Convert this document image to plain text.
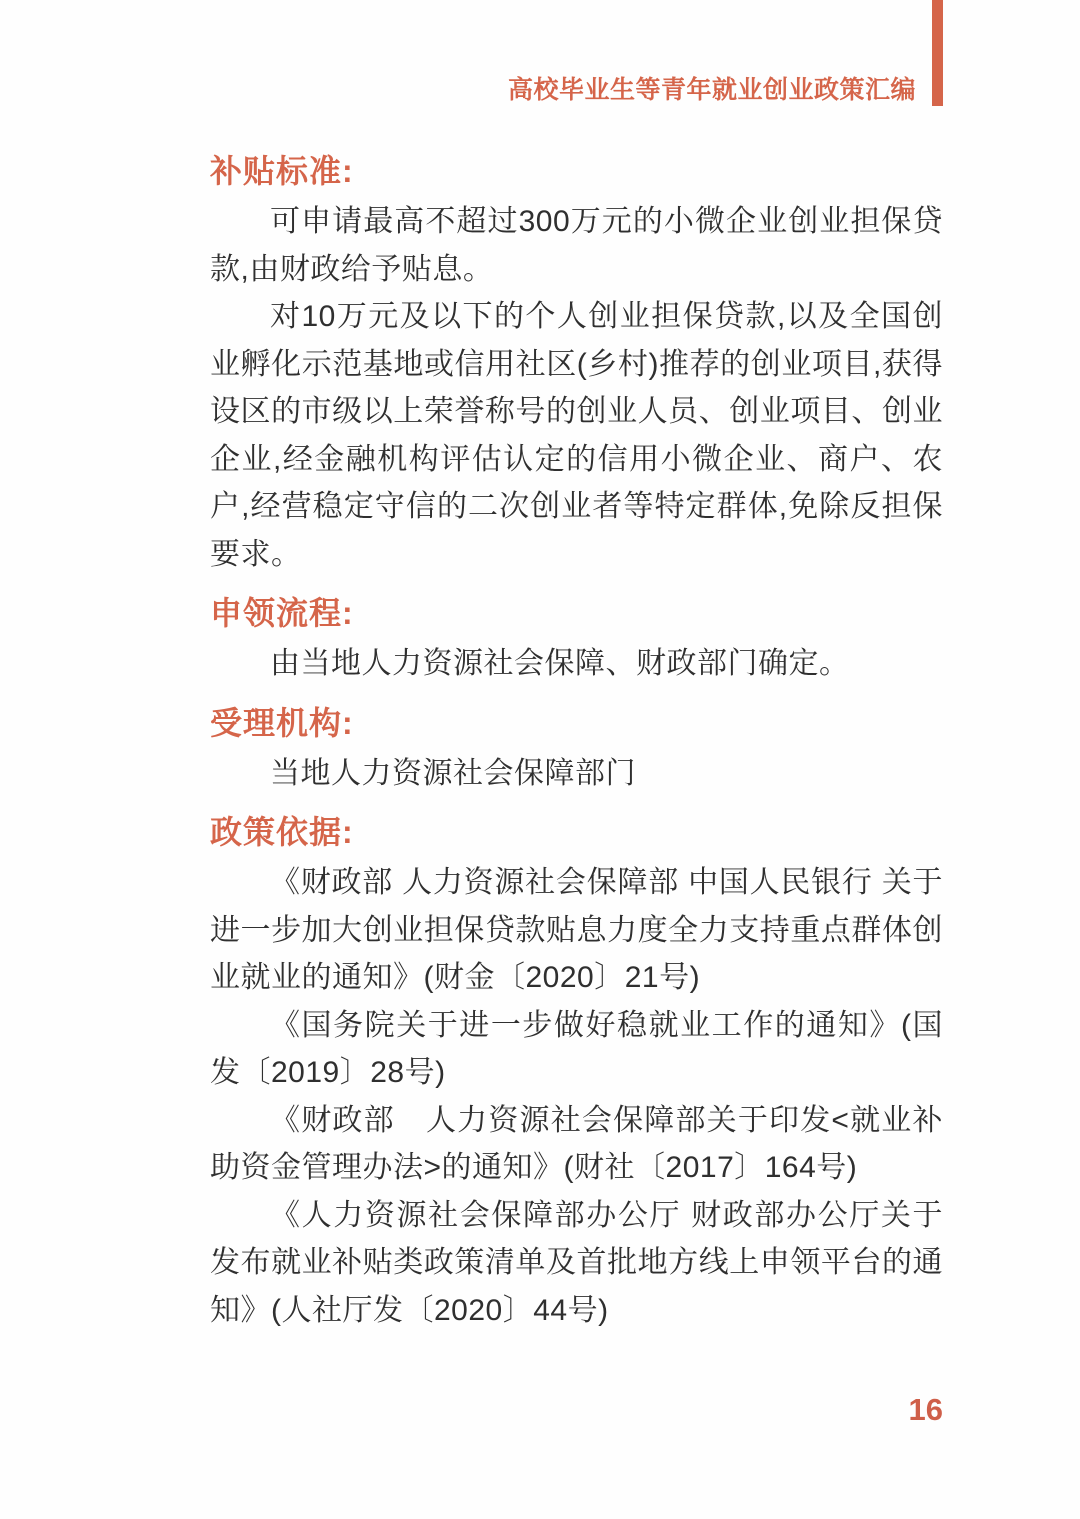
高校毕业生等青年就业创业政策汇编
补贴标准:

可申请最高不超过300万元的小微企业创业担保贷款,由财政给予贴息。

对10万元及以下的个人创业担保贷款,以及全国创业孵化示范基地或信用社区(乡村)推荐的创业项目,获得设区的市级以上荣誉称号的创业人员、创业项目、创业企业,经金融机构评估认定的信用小微企业、商户、农户,经营稳定守信的二次创业者等特定群体,免除反担保要求。

申领流程:

由当地人力资源社会保障、财政部门确定。

受理机构:

当地人力资源社会保障部门

政策依据:

《财政部 人力资源社会保障部 中国人民银行 关于进一步加大创业担保贷款贴息力度全力支持重点群体创业就业的通知》(财金〔2020〕21号)

《国务院关于进一步做好稳就业工作的通知》(国发〔2019〕28号)

《财政部　人力资源社会保障部关于印发<就业补助资金管理办法>的通知》(财社〔2017〕164号)

《人力资源社会保障部办公厅 财政部办公厅关于发布就业补贴类政策清单及首批地方线上申领平台的通知》(人社厅发〔2020〕44号)

16
